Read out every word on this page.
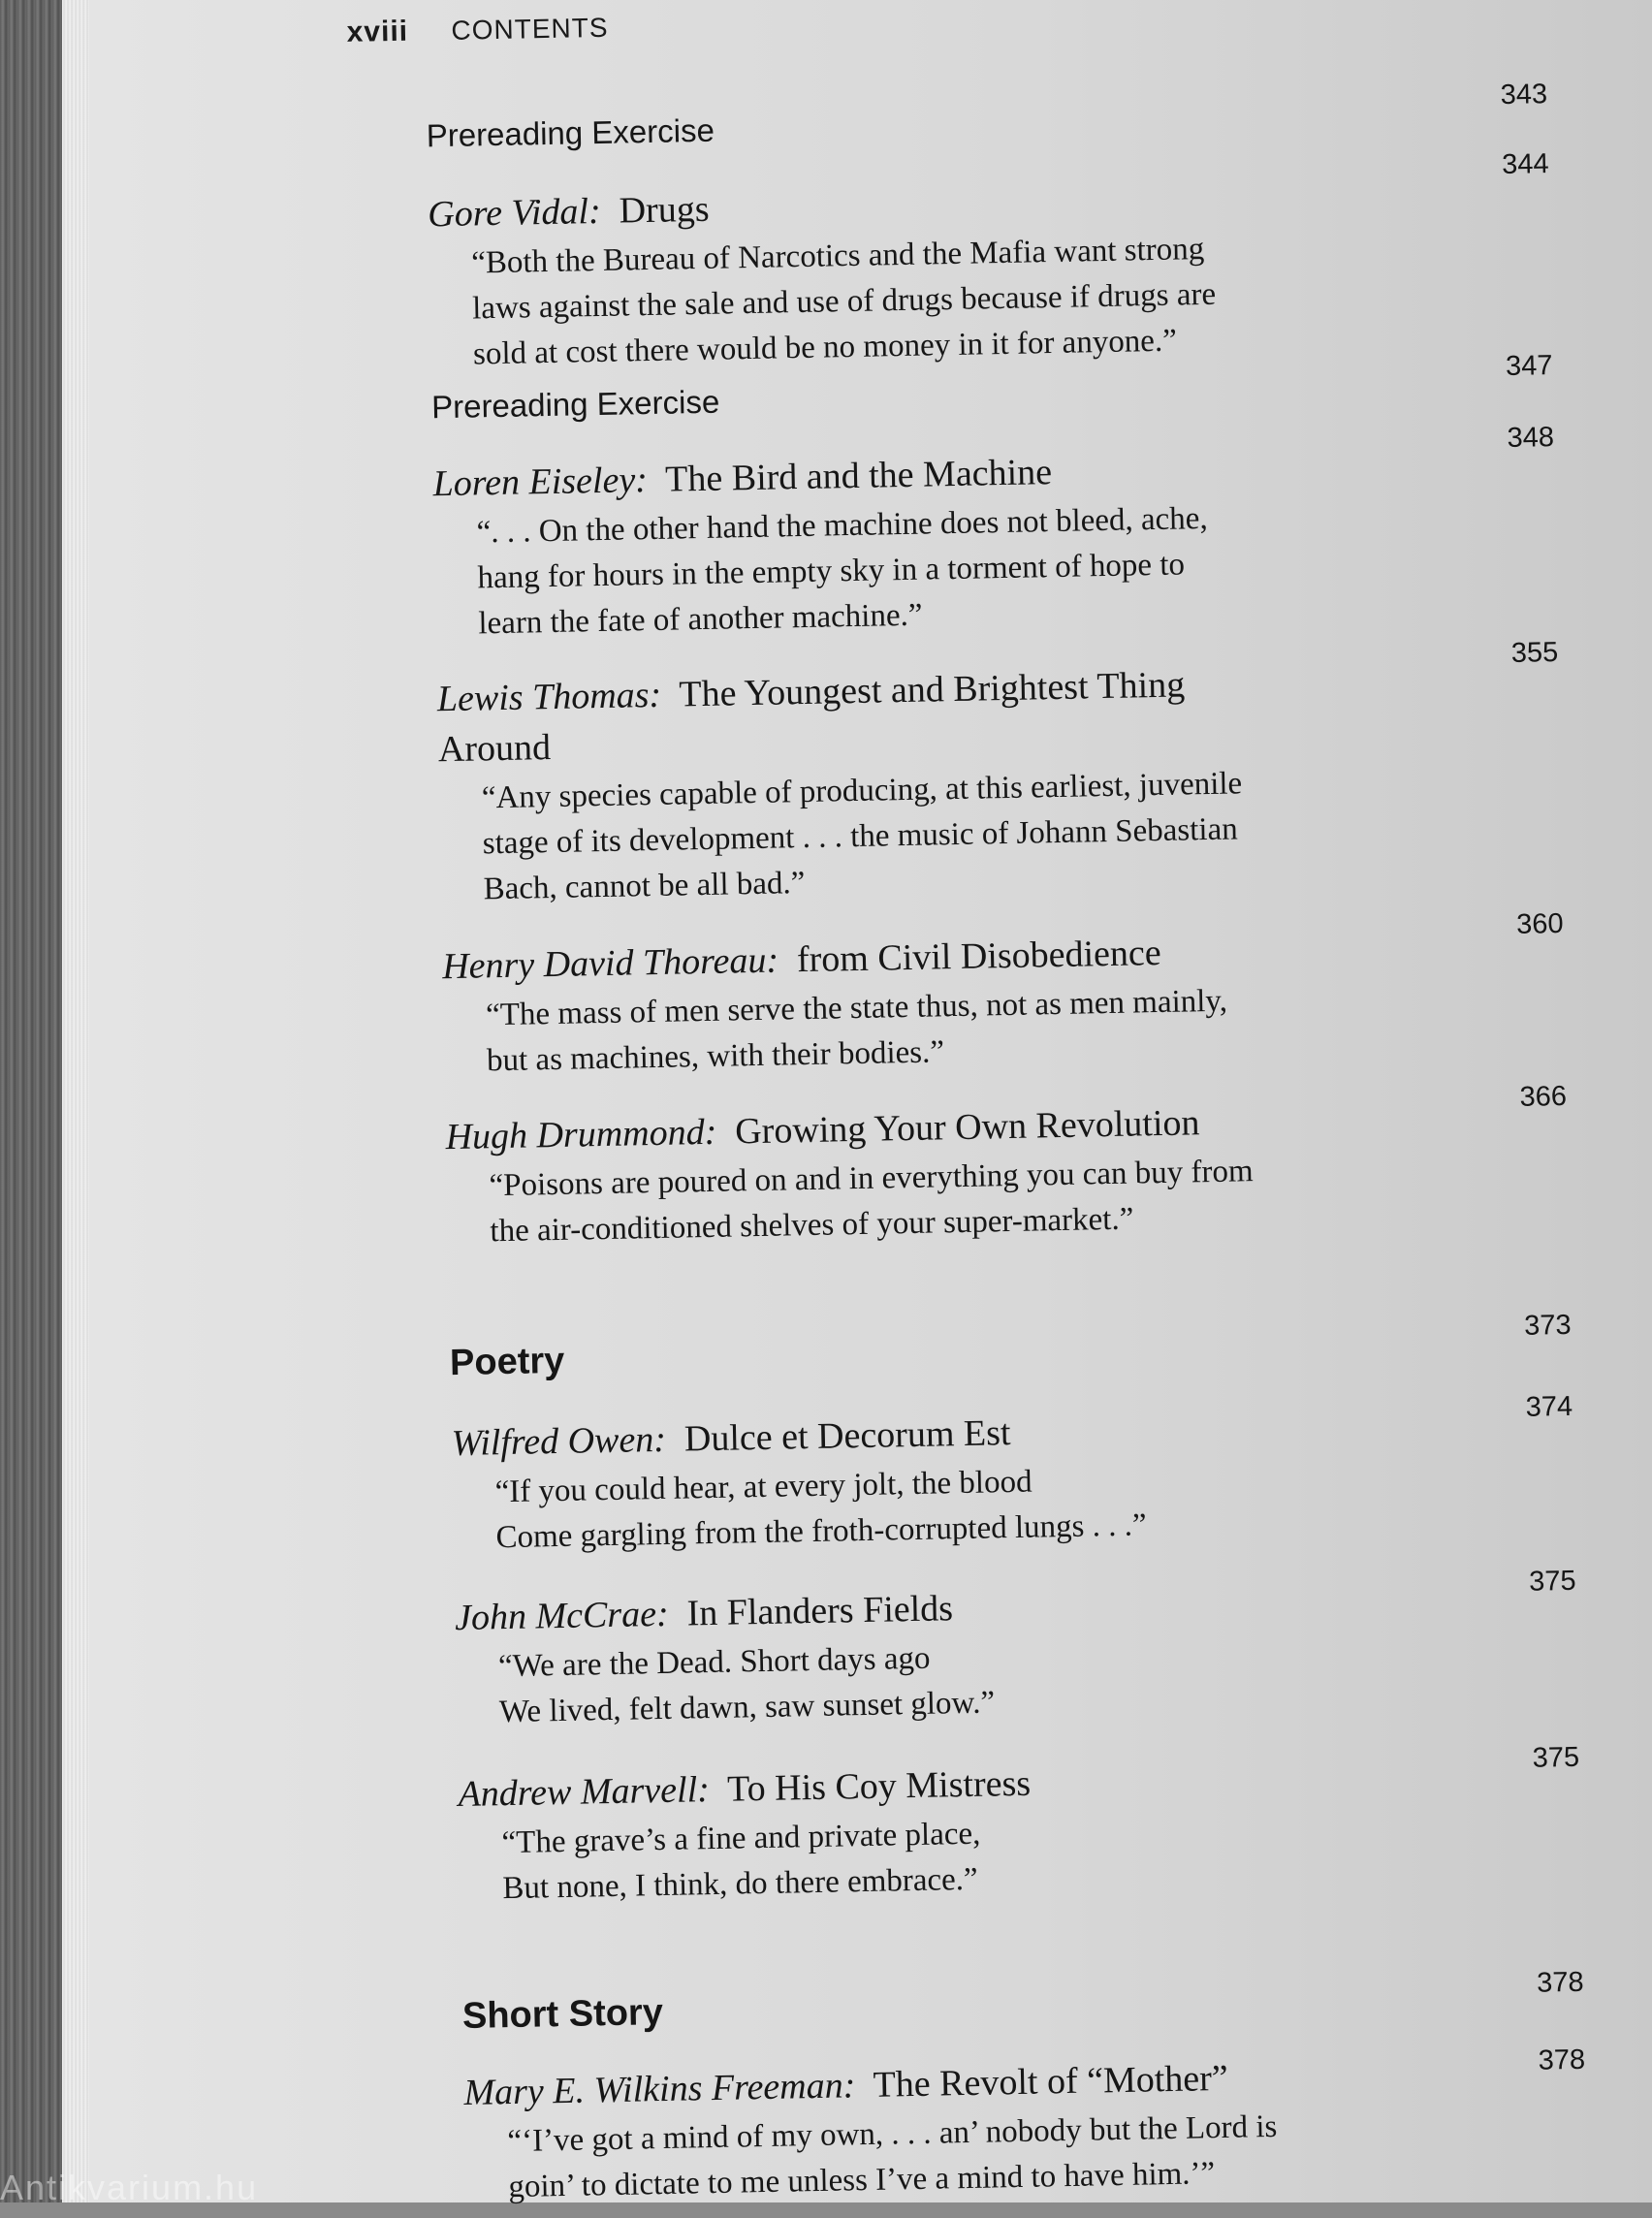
xviii CONTENTS
Prereading Exercise
343
Gore Vidal: Drugs
“Both the Bureau of Narcotics and the Mafia want strong
laws against the sale and use of drugs because if drugs are
sold at cost there would be no money in it for anyone.”
344
Prereading Exercise
347
Loren Eiseley: The Bird and the Machine
“. . . On the other hand the machine does not bleed, ache,
hang for hours in the empty sky in a torment of hope to
learn the fate of another machine.”
348
Lewis Thomas: The Youngest and Brightest Thing
Around
“Any species capable of producing, at this earliest, juvenile
stage of its development . . . the music of Johann Sebastian
Bach, cannot be all bad.”
355
Henry David Thoreau: from Civil Disobedience
“The mass of men serve the state thus, not as men mainly,
but as machines, with their bodies.”
360
Hugh Drummond: Growing Your Own Revolution
“Poisons are poured on and in everything you can buy from
the air-conditioned shelves of your super-market.”
366
Poetry
373
Wilfred Owen: Dulce et Decorum Est
“If you could hear, at every jolt, the blood
Come gargling from the froth-corrupted lungs . . .”
374
John McCrae: In Flanders Fields
“We are the Dead. Short days ago
We lived, felt dawn, saw sunset glow.”
375
Andrew Marvell: To His Coy Mistress
“The grave’s a fine and private place,
But none, I think, do there embrace.”
375
Short Story
378
Mary E. Wilkins Freeman: The Revolt of “Mother”
“‘I’ve got a mind of my own, . . . an’ nobody but the Lord is
goin’ to dictate to me unless I’ve a mind to have him.’”
378
Antikvarium.hu
